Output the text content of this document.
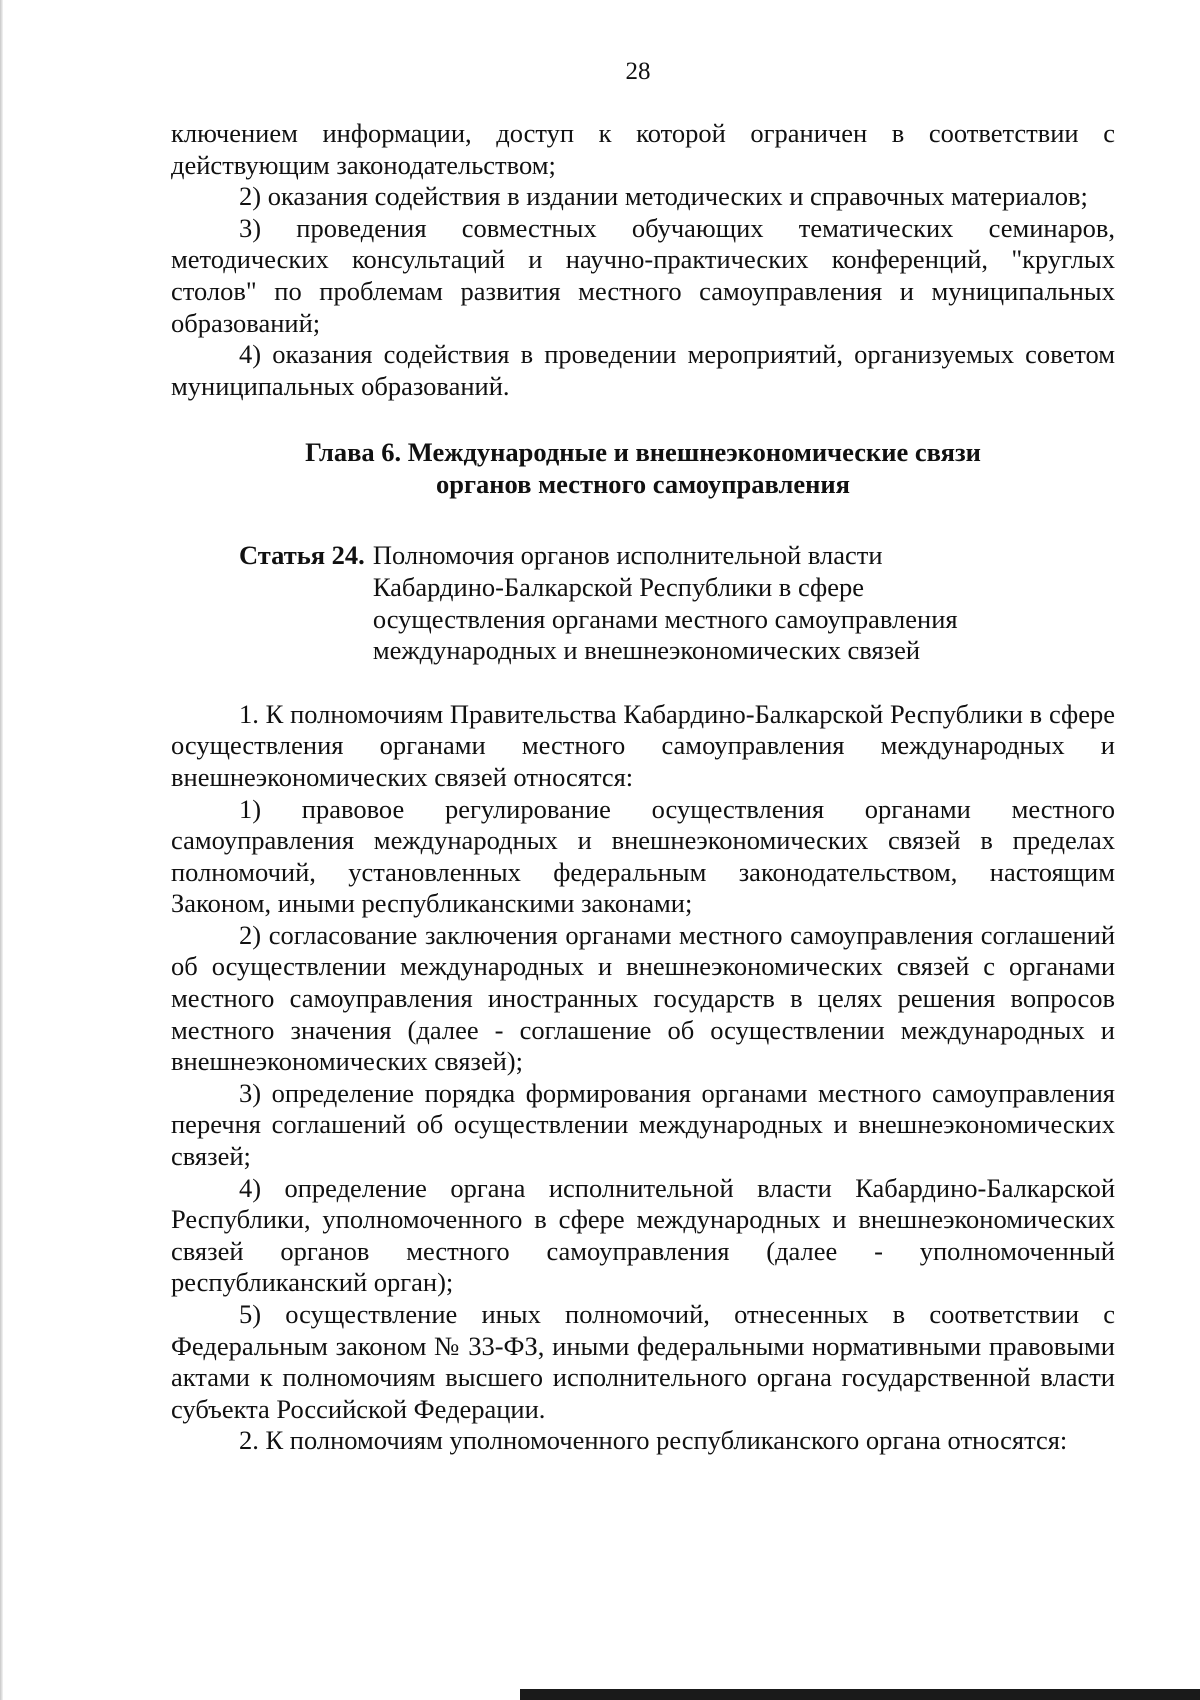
28

ключением информации, доступ к которой ограничен в соответствии с действующим законодательством;

2) оказания содействия в издании методических и справочных материалов;

3) проведения совместных обучающих тематических семинаров, методических консультаций и научно-практических конференций, "круглых столов" по проблемам развития местного самоуправления и муниципальных образований;

4) оказания содействия в проведении мероприятий, организуемых советом муниципальных образований.

Глава 6. Международные и внешнеэкономические связи
органов местного самоуправления
Статья 24. Полномочия органов исполнительной власти Кабардино-Балкарской Республики в сфере осуществления органами местного самоуправления международных и внешнеэкономических связей

1. К полномочиям Правительства Кабардино-Балкарской Республики в сфере осуществления органами местного самоуправления международных и внешнеэкономических связей относятся:

1) правовое регулирование осуществления органами местного самоуправления международных и внешнеэкономических связей в пределах полномочий, установленных федеральным законодательством, настоящим Законом, иными республиканскими законами;

2) согласование заключения органами местного самоуправления соглашений об осуществлении международных и внешнеэкономических связей с органами местного самоуправления иностранных государств в целях решения вопросов местного значения (далее - соглашение об осуществлении международных и внешнеэкономических связей);

3) определение порядка формирования органами местного самоуправления перечня соглашений об осуществлении международных и внешнеэкономических связей;

4) определение органа исполнительной власти Кабардино-Балкарской Республики, уполномоченного в сфере международных и внешнеэкономических связей органов местного самоуправления (далее - уполномоченный республиканский орган);

5) осуществление иных полномочий, отнесенных в соответствии с Федеральным законом № 33-ФЗ, иными федеральными нормативными правовыми актами к полномочиям высшего исполнительного органа государственной власти субъекта Российской Федерации.

2. К полномочиям уполномоченного республиканского органа относятся:
